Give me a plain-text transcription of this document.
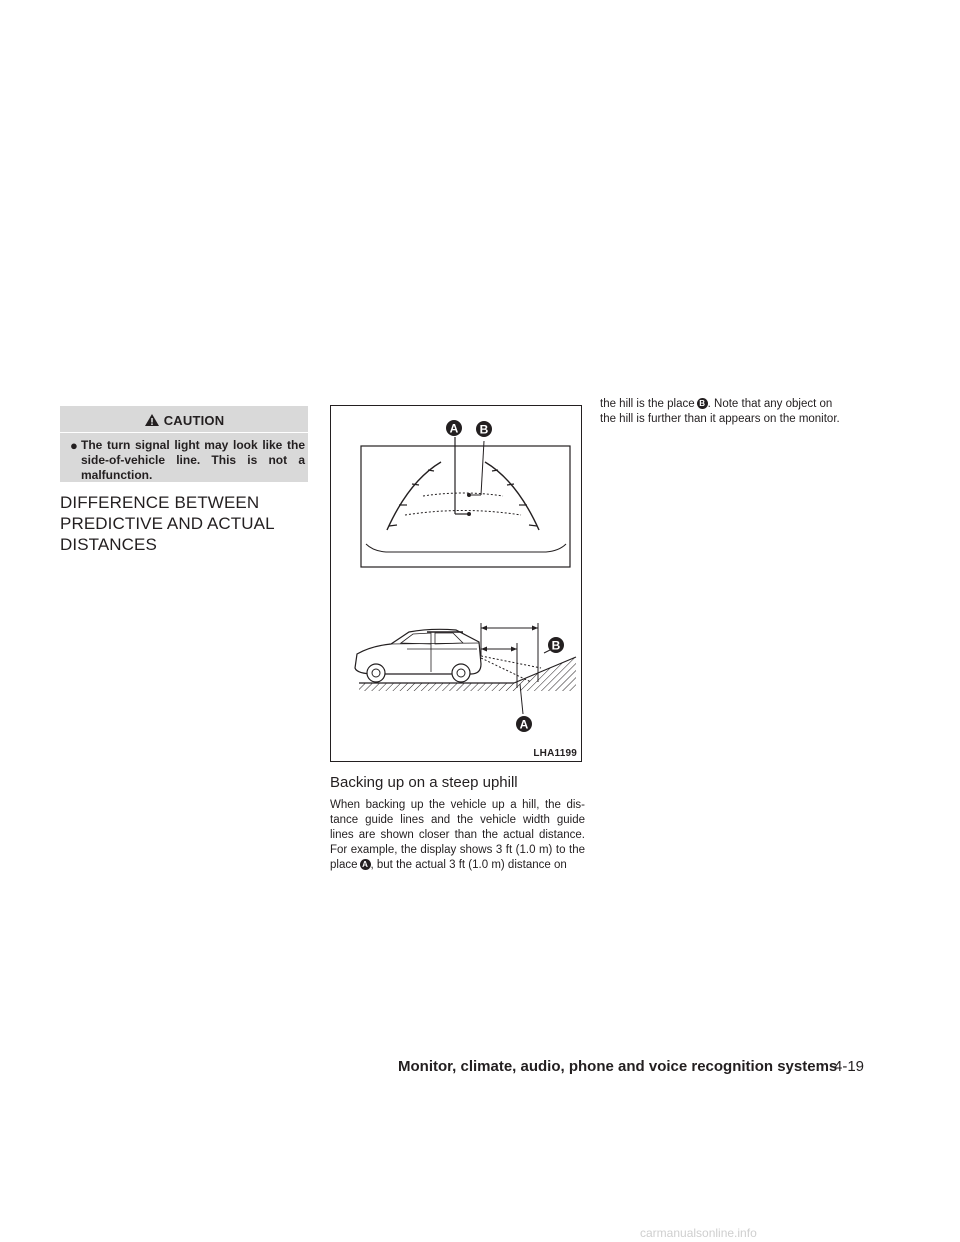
CAUTION
● The turn signal light may look like the
side-of-vehicle line. This is not a
malfunction.
DIFFERENCE BETWEEN
PREDICTIVE AND ACTUAL
DISTANCES
A B
A
B
LHA1199
Backing up on a steep uphill
When backing up the vehicle up a hill, the dis-
tance guide lines and the vehicle width guide
lines are shown closer than the actual distance.
For example, the display shows 3 ft (1.0 m) to the
place A , but the actual 3 ft (1.0 m) distance on
the hill is the place B . Note that any object on
the hill is further than it appears on the monitor.
Monitor, climate, audio, phone and voice recognition systems
4-19
carmanualsonline.info
